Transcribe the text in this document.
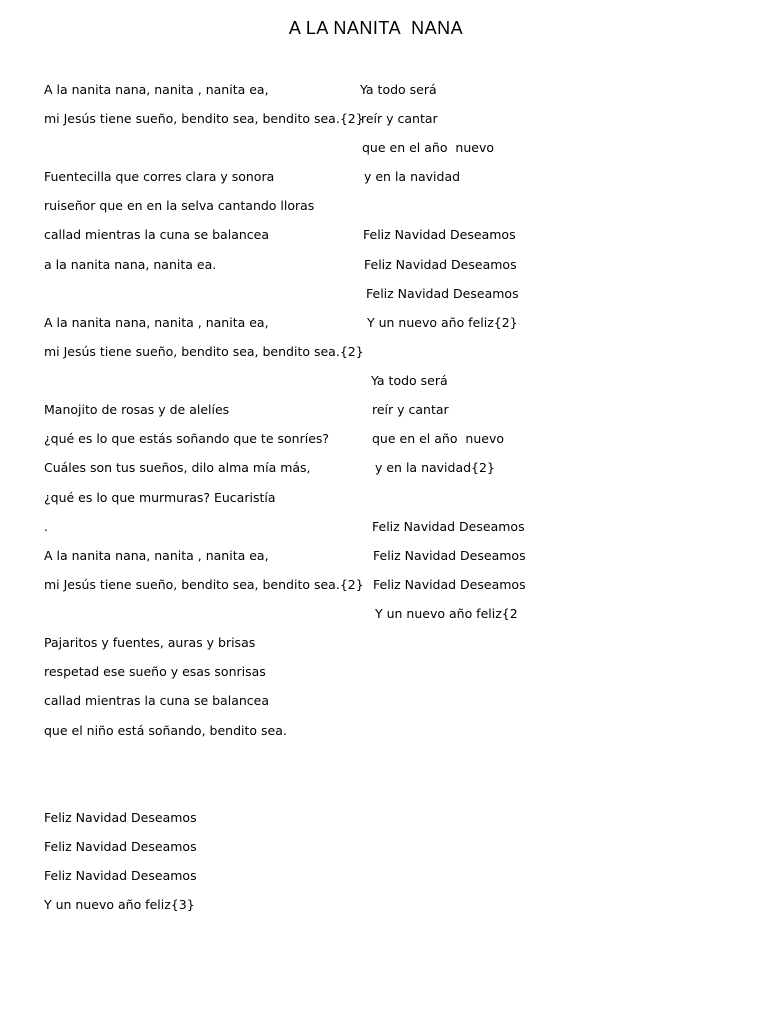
A LA NANITA  NANA
A la nanita nana, nanita , nanita ea,
mi Jesús tiene sueño, bendito sea, bendito sea.{2}
Fuentecilla que corres clara y sonora
ruiseñor que en en la selva cantando lloras
callad mientras la cuna se balancea
a la nanita nana, nanita ea.
A la nanita nana, nanita , nanita ea,
mi Jesús tiene sueño, bendito sea, bendito sea.{2}
Manojito de rosas y de alelíes
¿qué es lo que estás soñando que te sonríes?
Cuáles son tus sueños, dilo alma mía más,
¿qué es lo que murmuras? Eucaristía
.
A la nanita nana, nanita , nanita ea,
mi Jesús tiene sueño, bendito sea, bendito sea.{2}
Pajaritos y fuentes, auras y brisas
respetad ese sueño y esas sonrisas
callad mientras la cuna se balancea
que el niño está soñando, bendito sea.
Feliz Navidad Deseamos
Feliz Navidad Deseamos
Feliz Navidad Deseamos
Y un nuevo año feliz{3}
Ya todo será
reír y cantar
que en el año  nuevo
y en la navidad
Feliz Navidad Deseamos
Feliz Navidad Deseamos
Feliz Navidad Deseamos
Y un nuevo año feliz{2}
Ya todo será
reír y cantar
que en el año  nuevo
y en la navidad{2}
Feliz Navidad Deseamos
Feliz Navidad Deseamos
Feliz Navidad Deseamos
Y un nuevo año feliz{2
